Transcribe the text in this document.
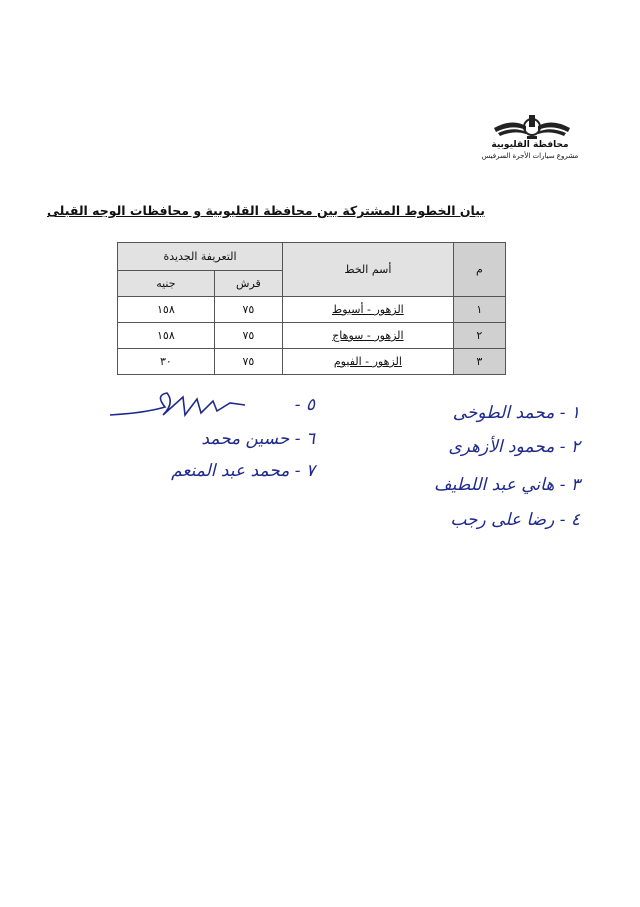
محافظة القليوبية
مشروع سيارات الأجرة السرفيس
بيان الخطوط المشتركة بين محافظة القليوبية و محافظات الوجه القبلى
م	أسم الخط	التعريفة الجديدة	
		قرش	جنيه
١	الزهور - أسيوط	٧٥	١٥٨
٢	الزهور - سوهاج	٧٥	١٥٨
٣	الزهور - الفيوم	٧٥	٣٠
١ - محمد الطوخى
٢ - محمود الأزهرى
٣ - هاني عبد اللطيف
٤ - رضا على رجب
٥ -
٦ - حسين محمد
٧ - محمد عبد المنعم
